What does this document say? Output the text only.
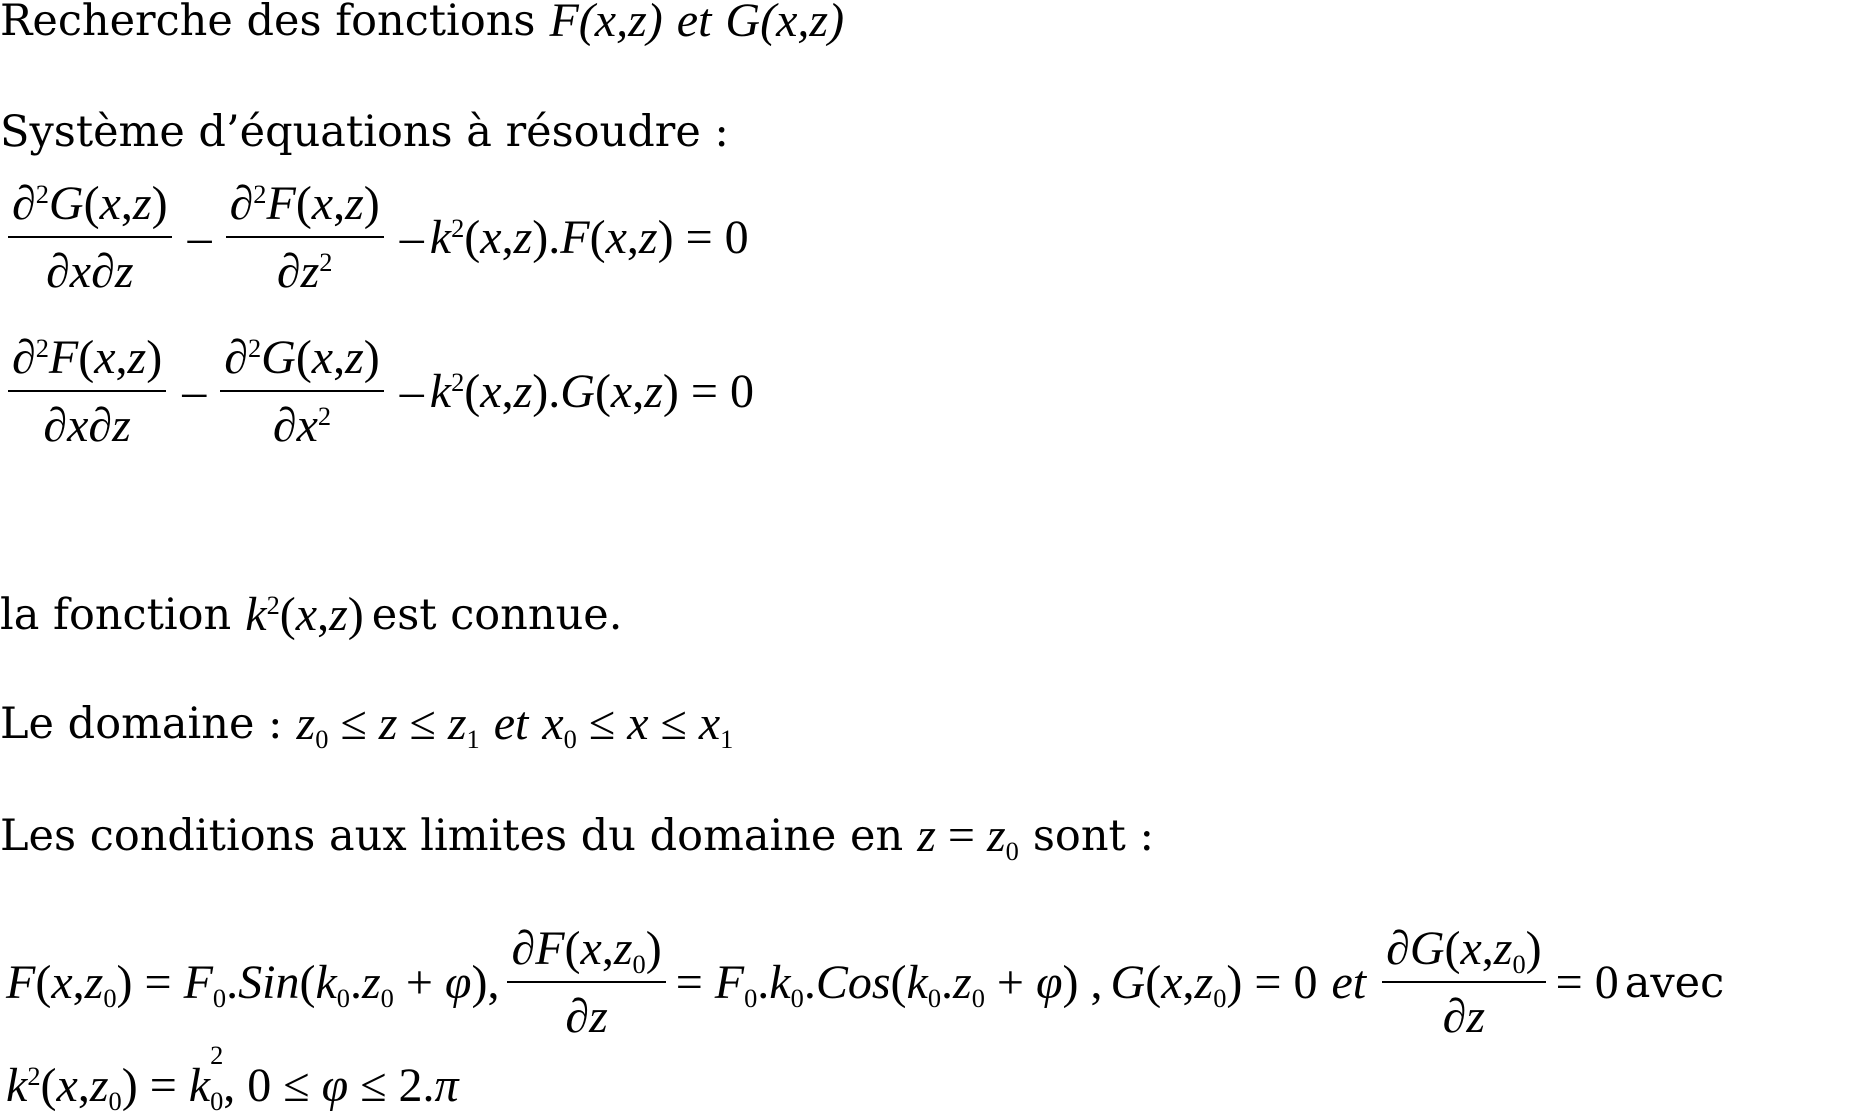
Recherche des fonctions F(x,z) et G(x,z)
Système d’équations à résoudre :
$\frac{\partial^2G(x,z)}{\partial x\partial z} - \frac{\partial^2F(x,z)}{\partial z^2} - k^2(x,z).F(x,z) = 0$
$\frac{\partial^2F(x,z)}{\partial x\partial z} - \frac{\partial^2G(x,z)}{\partial x^2} - k^2(x,z).G(x,z) = 0$
la fonction $k^2(x,z)$ est connue.
Le domaine : $z_0 \le z \le z_1$ et $x_0 \le x \le x_1$
Les conditions aux limites du domaine en $z = z_0$ sont :
$F(x,z_0) = F_0.Sin(k_0.z_0 + \varphi)$, $\frac{\partial F(x,z_0)}{\partial z} = F_0.k_0.Cos(k_0.z_0 + \varphi)$ , $G(x,z_0) = 0$ et $\frac{\partial G(x,z_0)}{\partial z} = 0$ avec
$k^2(x,z_0) = k$
$_{2 0}$, 0 ≤ φ ≤ 2.π
